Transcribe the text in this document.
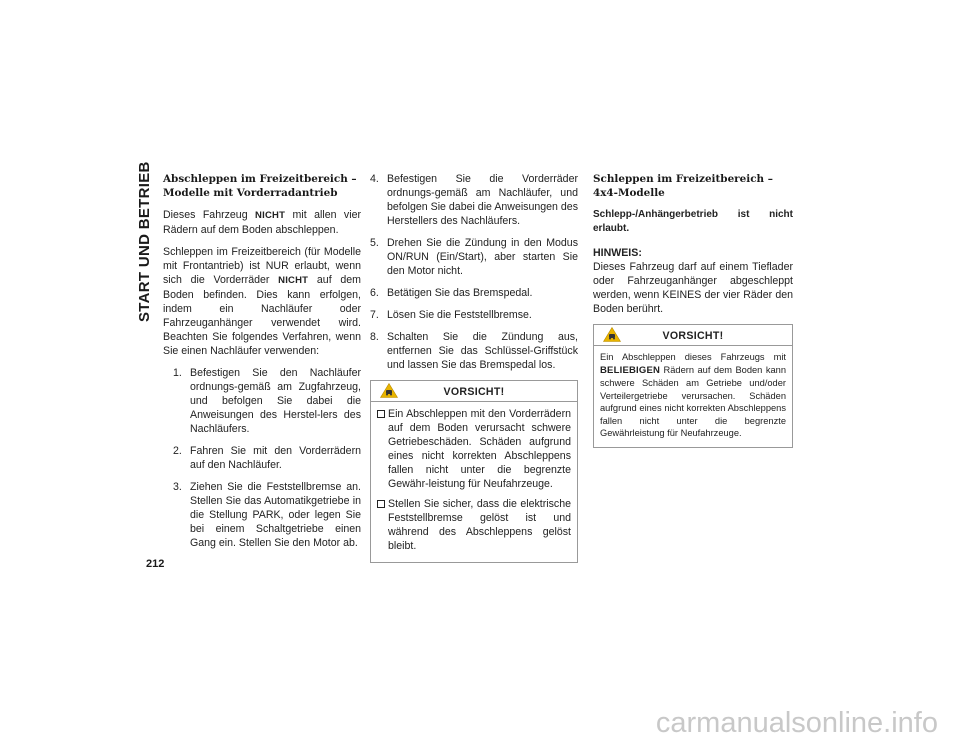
START UND BETRIEB
212
Abschleppen im Freizeitbereich – Modelle mit Vorderradantrieb

Dieses Fahrzeug NICHT mit allen vier Rädern auf dem Boden abschleppen.

Schleppen im Freizeitbereich (für Modelle mit Frontantrieb) ist NUR erlaubt, wenn sich die Vorderräder NICHT auf dem Boden befinden. Dies kann erfolgen, indem ein Nachläufer oder Fahrzeuganhänger verwendet wird. Beachten Sie folgendes Verfahren, wenn Sie einen Nachläufer verwenden:

1. Befestigen Sie den Nachläufer ordnungs-gemäß am Zugfahrzeug, und befolgen Sie dabei die Anweisungen des Herstel-lers des Nachläufers.
2. Fahren Sie mit den Vorderrädern auf den Nachläufer.
3. Ziehen Sie die Feststellbremse an. Stellen Sie das Automatikgetriebe in die Stellung PARK, oder legen Sie bei einem Schaltgetriebe einen Gang ein. Stellen Sie den Motor ab.
4. Befestigen Sie die Vorderräder ordnungs-gemäß am Nachläufer, und befolgen Sie dabei die Anweisungen des Herstellers des Nachläufers.
5. Drehen Sie die Zündung in den Modus ON/RUN (Ein/Start), aber starten Sie den Motor nicht.
6. Betätigen Sie das Bremspedal.
7. Lösen Sie die Feststellbremse.
8. Schalten Sie die Zündung aus, entfernen Sie das Schlüssel-Griffstück und lassen Sie das Bremspedal los.
VORSICHT!
Ein Abschleppen mit den Vorderrädern auf dem Boden verursacht schwere Getriebeschäden. Schäden aufgrund eines nicht korrekten Abschleppens fallen nicht unter die begrenzte Gewähr-leistung für Neufahrzeuge.
Stellen Sie sicher, dass die elektrische Feststellbremse gelöst ist und während des Abschleppens gelöst bleibt.
Schleppen im Freizeitbereich –
4x4-Modelle

Schlepp-/Anhängerbetrieb ist nicht erlaubt.

HINWEIS:

Dieses Fahrzeug darf auf einem Tieflader oder Fahrzeuganhänger abgeschleppt werden, wenn KEINES der vier Räder den Boden berührt.

VORSICHT!

Ein Abschleppen dieses Fahrzeugs mit BELIEBIGEN Rädern auf dem Boden kann schwere Schäden am Getriebe und/oder Verteilergetriebe verursachen. Schäden aufgrund eines nicht korrekten Abschleppens fallen nicht unter die begrenzte Gewährleistung für Neufahrzeuge.

carmanualsonline.info
